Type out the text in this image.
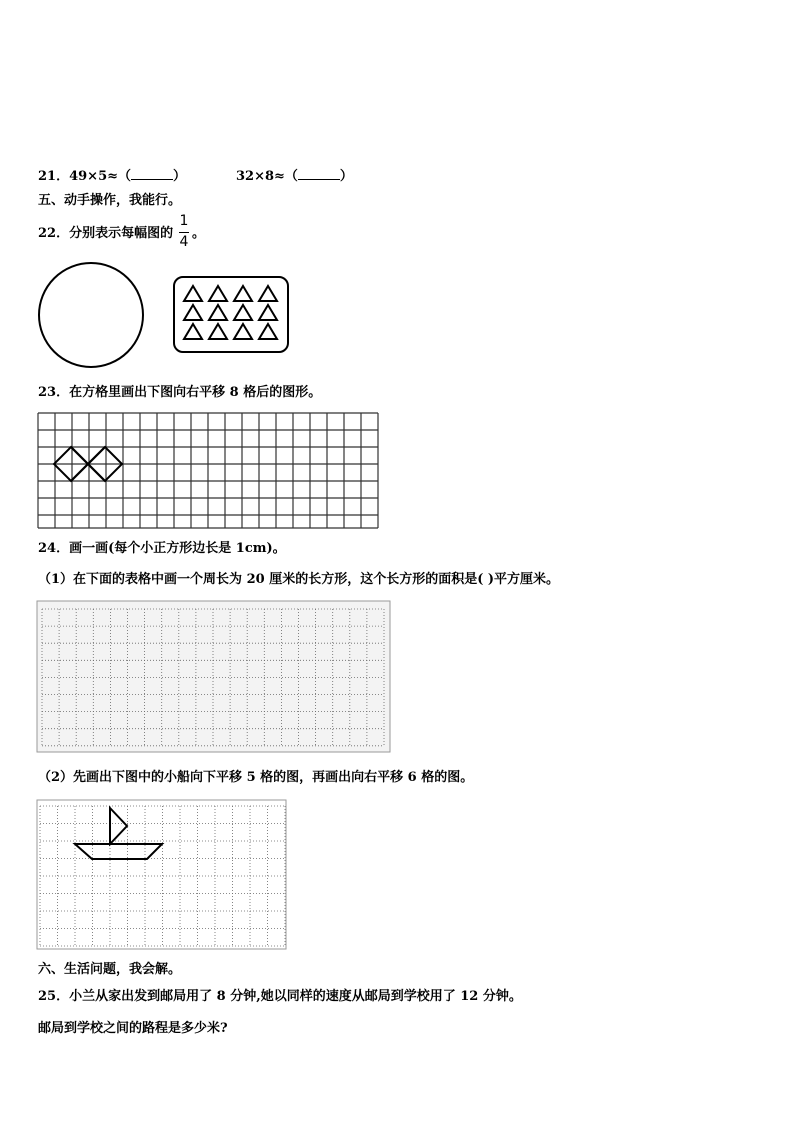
21．49×5≈（	）	32×8≈（	）
五、动手操作，我能行。
22．分别表示每幅图的
1
4
。
23．在方格里画出下图向右平移 8 格后的图形。
24．画一画(每个小正方形边长是 1cm)。
（1）在下面的表格中画一个周长为 20 厘米的长方形，这个长方形的面积是( )平方厘米。
（2）先画出下图中的小船向下平移 5 格的图，再画出向右平移 6 格的图。
六、生活问题，我会解。
25．小兰从家出发到邮局用了 8 分钟,她以同样的速度从邮局到学校用了 12 分钟。
邮局到学校之间的路程是多少米?
